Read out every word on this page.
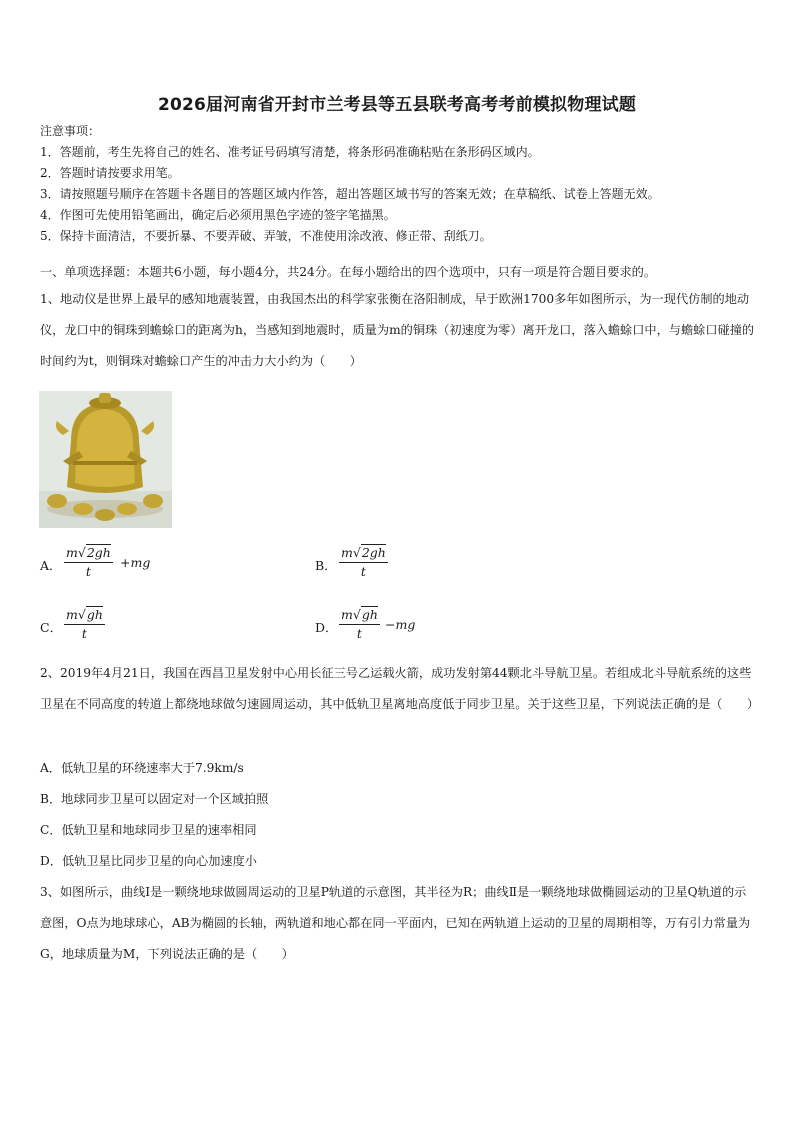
2026届河南省开封市兰考县等五县联考高考考前模拟物理试题
注意事项：
1．答题前，考生先将自己的姓名、准考证号码填写清楚，将条形码准确粘贴在条形码区域内。
2．答题时请按要求用笔。
3．请按照题号顺序在答题卡各题目的答题区域内作答，超出答题区域书写的答案无效；在草稿纸、试卷上答题无效。
4．作图可先使用铅笔画出，确定后必须用黑色字迹的签字笔描黑。
5．保持卡面清洁，不要折暴、不要弄破、弄皱，不准使用涂改液、修正带、刮纸刀。
一、单项选择题：本题共6小题，每小题4分，共24分。在每小题给出的四个选项中，只有一项是符合题目要求的。
1、地动仪是世界上最早的感知地震装置，由我国杰出的科学家张衡在洛阳制成，早于欧洲1700多年如图所示，为一现代仿制的地动仪，龙口中的铜珠到蟾蜍口的距离为h，当感知到地震时，质量为m的铜珠（初速度为零）离开龙口，落入蟾蜍口中，与蟾蜍口碰撞的时间约为t，则铜珠对蟾蜍口产生的冲击力大小约为（　　）
A． $\frac{m√2gh}{t} +mg$	B． $\frac{m√2gh}{t}$
C． $\frac{m√gh}{t}$	D． $\frac{m√gh}{t} -mg$
2、2019年4月21日，我国在西昌卫星发射中心用长征三号乙运载火箭，成功发射第44颗北斗导航卫星。若组成北斗导航系统的这些卫星在不同高度的转道上都绕地球做匀速圆周运动，其中低轨卫星离地高度低于同步卫星。关于这些卫星，下列说法正确的是（　　）
A．低轨卫星的环绕速率大于7.9km/s
B．地球同步卫星可以固定对一个区域拍照
C．低轨卫星和地球同步卫星的速率相同
D．低轨卫星比同步卫星的向心加速度小
3、如图所示，曲线Ⅰ是一颗绕地球做圆周运动的卫星P轨道的示意图，其半径为R；曲线Ⅱ是一颗绕地球做椭圆运动的卫星Q轨道的示意图，O点为地球球心，AB为椭圆的长轴，两轨道和地心都在同一平面内，已知在两轨道上运动的卫星的周期相等，万有引力常量为G，地球质量为M，下列说法正确的是（　　）
